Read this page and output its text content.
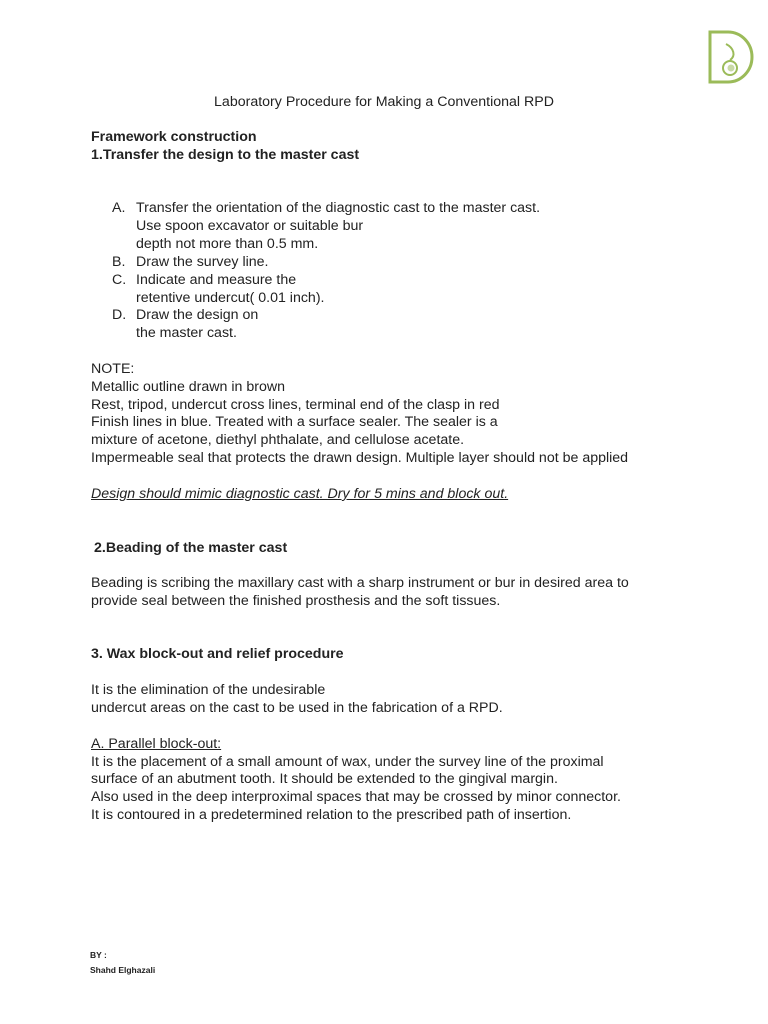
Laboratory Procedure for Making a Conventional RPD
Framework construction
1.Transfer the design to the master cast
A. Transfer the orientation of the diagnostic cast to the master cast.
Use spoon excavator or suitable bur
depth not more than 0.5 mm.
B. Draw the survey line.
C. Indicate and measure the
retentive undercut( 0.01 inch).
D. Draw the design on
the master cast.
NOTE:
Metallic outline drawn in brown
Rest, tripod, undercut cross lines, terminal end of the clasp in red
Finish lines in blue. Treated with a surface sealer. The sealer is a
mixture of acetone, diethyl phthalate, and cellulose acetate.
Impermeable seal that protects the drawn design. Multiple layer should not be applied
Design should mimic diagnostic cast. Dry for 5 mins and block out.
2.Beading of the master cast
Beading is scribing the maxillary cast with a sharp instrument or bur in desired area to
provide seal between the finished prosthesis and the soft tissues.
3. Wax block-out and relief procedure
It is the elimination of the undesirable
undercut areas on the cast to be used in the fabrication of a RPD.
A. Parallel block-out:
It is the placement of a small amount of wax, under the survey line of the proximal
surface of an abutment tooth. It should be extended to the gingival margin.
Also used in the deep interproximal spaces that may be crossed by minor connector.
It is contoured in a predetermined relation to the prescribed path of insertion.
BY :
Shahd Elghazali
